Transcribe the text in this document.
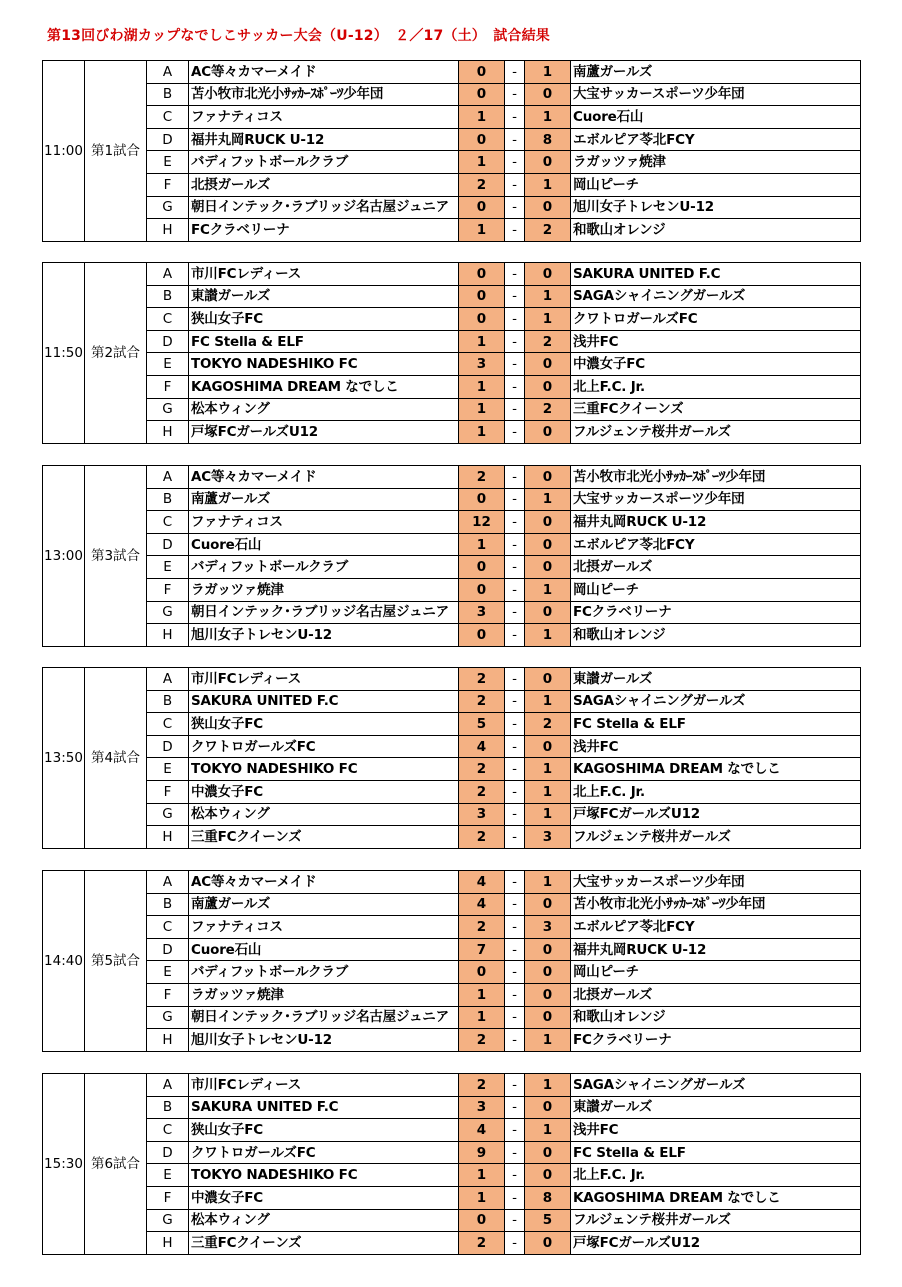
第13回びわ湖カップなでしこサッカー大会（U-12）　２／17（土）　試合結果
11:00	第1試合	A	AC等々カマーメイド	0	-	1	南蘆ガールズ
		B	苫小牧市北光小ｻｯｶｰｽﾎﾟｰﾂ少年団	0	-	0	大宝サッカースポーツ少年団
		C	ファナティコス	1	-	1	Cuore石山
		D	福井丸岡RUCK U-12	0	-	8	エボルピア苓北FCY
		E	バディフットボールクラブ	1	-	0	ラガッツァ焼津
		F	北摂ガールズ	2	-	1	岡山ピーチ
		G	朝日インテック･ラブリッジ名古屋ジュニア	0	-	0	旭川女子トレセンU-12
		H	FCクラベリーナ	1	-	2	和歌山オレンジ
11:50	第2試合	A	市川FCレディース	0	-	0	SAKURA UNITED F.C
		B	東讃ガールズ	0	-	1	SAGAシャイニングガールズ
		C	狭山女子FC	0	-	1	クワトロガールズFC
		D	FC Stella & ELF	1	-	2	浅井FC
		E	TOKYO NADESHIKO FC	3	-	0	中濃女子FC
		F	KAGOSHIMA DREAM なでしこ	1	-	0	北上F.C. Jr.
		G	松本ウィング	1	-	2	三重FCクイーンズ
		H	戸塚FCガールズU12	1	-	0	フルジェンテ桜井ガールズ
13:00	第3試合	A	AC等々カマーメイド	2	-	0	苫小牧市北光小ｻｯｶｰｽﾎﾟｰﾂ少年団
		B	南蘆ガールズ	0	-	1	大宝サッカースポーツ少年団
		C	ファナティコス	12	-	0	福井丸岡RUCK U-12
		D	Cuore石山	1	-	0	エボルピア苓北FCY
		E	バディフットボールクラブ	0	-	0	北摂ガールズ
		F	ラガッツァ焼津	0	-	1	岡山ピーチ
		G	朝日インテック･ラブリッジ名古屋ジュニア	3	-	0	FCクラベリーナ
		H	旭川女子トレセンU-12	0	-	1	和歌山オレンジ
13:50	第4試合	A	市川FCレディース	2	-	0	東讃ガールズ
		B	SAKURA UNITED F.C	2	-	1	SAGAシャイニングガールズ
		C	狭山女子FC	5	-	2	FC Stella & ELF
		D	クワトロガールズFC	4	-	0	浅井FC
		E	TOKYO NADESHIKO FC	2	-	1	KAGOSHIMA DREAM なでしこ
		F	中濃女子FC	2	-	1	北上F.C. Jr.
		G	松本ウィング	3	-	1	戸塚FCガールズU12
		H	三重FCクイーンズ	2	-	3	フルジェンテ桜井ガールズ
14:40	第5試合	A	AC等々カマーメイド	4	-	1	大宝サッカースポーツ少年団
		B	南蘆ガールズ	4	-	0	苫小牧市北光小ｻｯｶｰｽﾎﾟｰﾂ少年団
		C	ファナティコス	2	-	3	エボルピア苓北FCY
		D	Cuore石山	7	-	0	福井丸岡RUCK U-12
		E	バディフットボールクラブ	0	-	0	岡山ピーチ
		F	ラガッツァ焼津	1	-	0	北摂ガールズ
		G	朝日インテック･ラブリッジ名古屋ジュニア	1	-	0	和歌山オレンジ
		H	旭川女子トレセンU-12	2	-	1	FCクラベリーナ
15:30	第6試合	A	市川FCレディース	2	-	1	SAGAシャイニングガールズ
		B	SAKURA UNITED F.C	3	-	0	東讃ガールズ
		C	狭山女子FC	4	-	1	浅井FC
		D	クワトロガールズFC	9	-	0	FC Stella & ELF
		E	TOKYO NADESHIKO FC	1	-	0	北上F.C. Jr.
		F	中濃女子FC	1	-	8	KAGOSHIMA DREAM なでしこ
		G	松本ウィング	0	-	5	フルジェンテ桜井ガールズ
		H	三重FCクイーンズ	2	-	0	戸塚FCガールズU12
